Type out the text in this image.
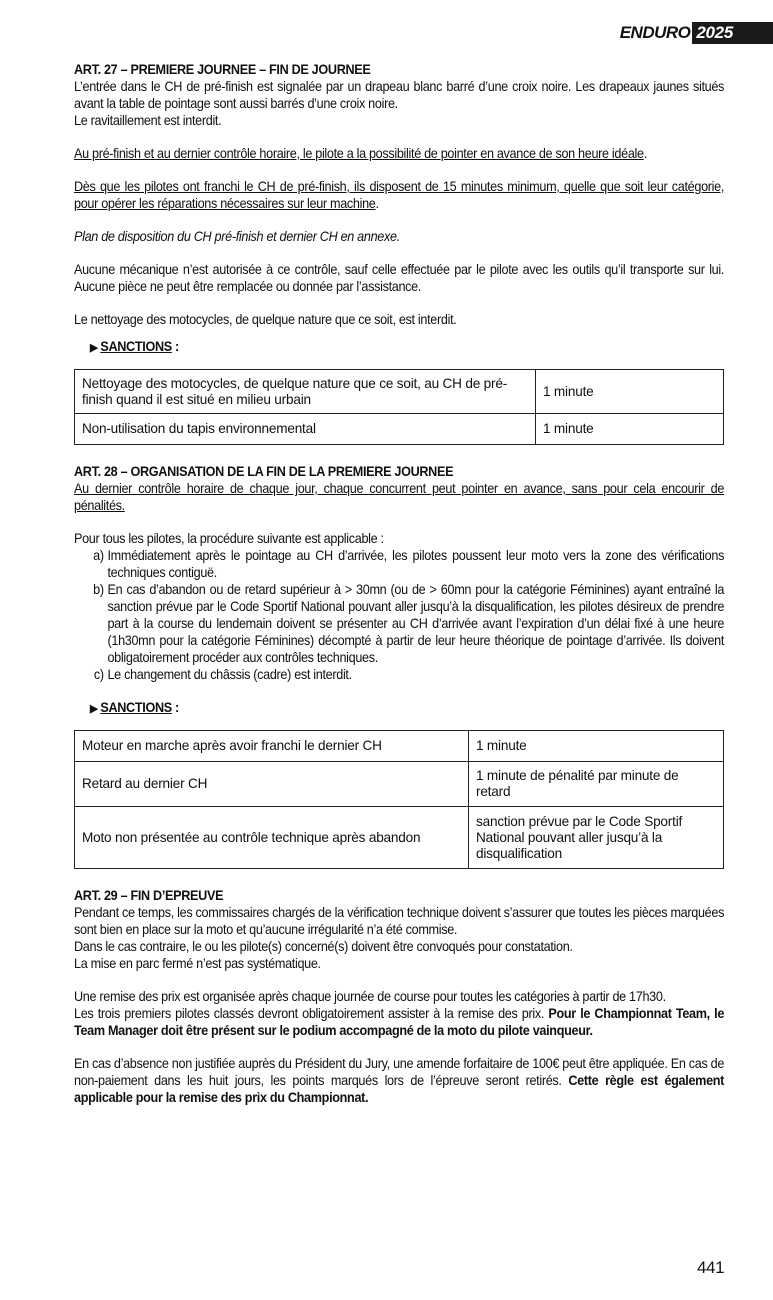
ENDURO 2025

ART. 27 – PREMIERE JOURNEE – FIN DE JOURNEE

L’entrée dans le CH de pré-finish est signalée par un drapeau blanc barré d’une croix noire. Les drapeaux jaunes situés avant la table de pointage sont aussi barrés d’une croix noire.

Le ravitaillement est interdit.

Au pré-finish et au dernier contrôle horaire, le pilote a la possibilité de pointer en avance de son heure idéale.

Dès que les pilotes ont franchi le CH de pré-finish, ils disposent de 15 minutes minimum, quelle que soit leur catégorie, pour opérer les réparations nécessaires sur leur machine.

Plan de disposition du CH pré-finish et dernier CH en annexe.

Aucune mécanique n’est autorisée à ce contrôle, sauf celle effectuée par le pilote avec les outils qu’il transporte sur lui. Aucune pièce ne peut être remplacée ou donnée par l’assistance.

Le nettoyage des motocycles, de quelque nature que ce soit, est interdit.

▶ SANCTIONS :
Nettoyage des motocycles, de quelque nature que ce soit, au CH de pré-finish quand il est situé en milieu urbain	1 minute
Non-utilisation du tapis environnemental	1 minute

ART. 28 – ORGANISATION DE LA FIN DE LA PREMIERE JOURNEE

Au dernier contrôle horaire de chaque jour, chaque concurrent peut pointer en avance, sans pour cela encourir de pénalités.

Pour tous les pilotes, la procédure suivante est applicable :

a) Immédiatement après le pointage au CH d’arrivée, les pilotes poussent leur moto vers la zone des vérifications techniques contiguë.
b) En cas d’abandon ou de retard supérieur à > 30mn (ou de > 60mn pour la catégorie Féminines) ayant entraîné la sanction prévue par le Code Sportif National pouvant aller jusqu’à la disqualification, les pilotes désireux de prendre part à la course du lendemain doivent se présenter au CH d’arrivée avant l’expiration d’un délai fixé à une heure (1h30mn pour la catégorie Féminines) décompté à partir de leur heure théorique de pointage d’arrivée. Ils doivent obligatoirement procéder aux contrôles techniques.
c) Le changement du châssis (cadre) est interdit.
▶ SANCTIONS :
Moteur en marche après avoir franchi le dernier CH	1 minute
Retard au dernier CH	1 minute de pénalité par minute de retard
Moto non présentée au contrôle technique après abandon	sanction prévue par le Code Sportif National pouvant aller jusqu’à la disqualification

ART. 29 – FIN D’EPREUVE

Pendant ce temps, les commissaires chargés de la vérification technique doivent s’assurer que toutes les pièces marquées sont bien en place sur la moto et qu’aucune irrégularité n’a été commise.

Dans le cas contraire, le ou les pilote(s) concerné(s) doivent être convoqués pour constatation.

La mise en parc fermé n’est pas systématique.

Une remise des prix est organisée après chaque journée de course pour toutes les catégories à partir de 17h30.

Les trois premiers pilotes classés devront obligatoirement assister à la remise des prix. Pour le Championnat Team, le Team Manager doit être présent sur le podium accompagné de la moto du pilote vainqueur.

En cas d’absence non justifiée auprès du Président du Jury, une amende forfaitaire de 100€ peut être appliquée. En cas de non-paiement dans les huit jours, les points marqués lors de l’épreuve seront retirés. Cette règle est également applicable pour la remise des prix du Championnat.

441
